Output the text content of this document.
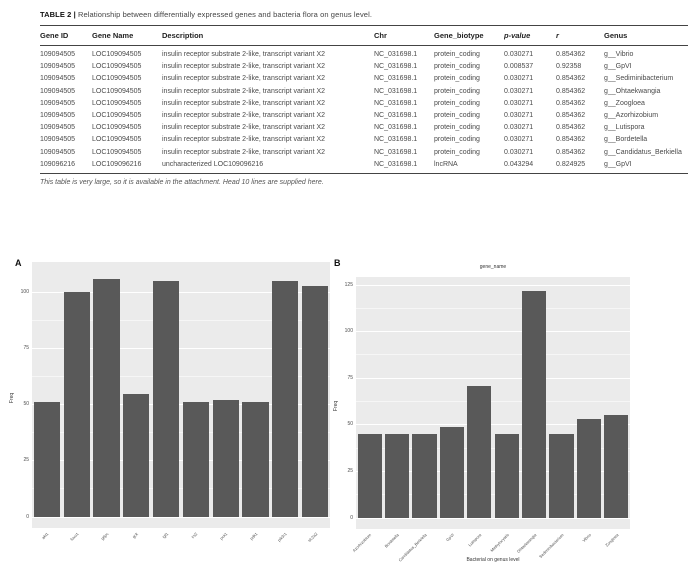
TABLE 2 | Relationship between differentially expressed genes and bacteria flora on genus level.
Gene ID	Gene Name	Description	Chr	Gene_biotype	p-value	r	Genus
109094505	LOC109094505	insulin receptor substrate 2-like, transcript variant X2	NC_031698.1	protein_coding	0.030271	0.854362	g__Vibrio
109094505	LOC109094505	insulin receptor substrate 2-like, transcript variant X2	NC_031698.1	protein_coding	0.008537	0.92358	g__GpVI
109094505	LOC109094505	insulin receptor substrate 2-like, transcript variant X2	NC_031698.1	protein_coding	0.030271	0.854362	g__Sediminibacterium
109094505	LOC109094505	insulin receptor substrate 2-like, transcript variant X2	NC_031698.1	protein_coding	0.030271	0.854362	g__Ohtaekwangia
109094505	LOC109094505	insulin receptor substrate 2-like, transcript variant X2	NC_031698.1	protein_coding	0.030271	0.854362	g__Zoogloea
109094505	LOC109094505	insulin receptor substrate 2-like, transcript variant X2	NC_031698.1	protein_coding	0.030271	0.854362	g__Azorhizobium
109094505	LOC109094505	insulin receptor substrate 2-like, transcript variant X2	NC_031698.1	protein_coding	0.030271	0.854362	g__Lutispora
109094505	LOC109094505	insulin receptor substrate 2-like, transcript variant X2	NC_031698.1	protein_coding	0.030271	0.854362	g__Bordetella
109094505	LOC109094505	insulin receptor substrate 2-like, transcript variant X2	NC_031698.1	protein_coding	0.030271	0.854362	g__Candidatus_Berkiella
109096216	LOC109096216	uncharacterized LOC109096216	NC_031698.1	lncRNA	0.043294	0.824925	g__GpVI
This table is very large, so it is available in the attachment. Head 10 lines are supplied here.
A
0
25
50
75
100
akt1	foxo1	g6pc	gck	igf1	irs2	pck1	pdk1	pik3r1	slc2a2
Freq
B	gene_name
0
25
50
75
100
125
Azorhizobium	Bordetella
Candidatus_Berkiella	GpVI	Lutispora Methylocystis Ohtaekwangia Sediminibacterium	Vibrio	Zoogloea
Freq
Bacterial on genus level
